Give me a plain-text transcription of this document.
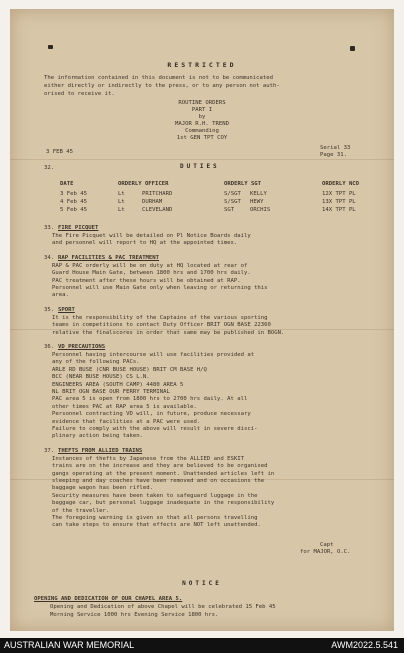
RESTRICTED
The information contained in this document is not to be communicated
either directly or indirectly to the press, or to any person not auth-
orised to receive it.
ROUTINE ORDERS
PART I
by
MAJOR R.H. TREND
Commanding
1st GEN TPT COY
3 FEB 45
Serial 33
Page 31.
32.	DUTIES
DATE	ORDERLY OFFICER	ORDERLY SGT	ORDERLY NCO
3 Feb 45	Lt	PRITCHARD	S/SGT KELLY	12X TPT PL
4 Feb 45	Lt	DURHAM	S/SGT HEWY	13X TPT PL
5 Feb 45	Lt	CLEVELAND	SGT	ORCHIS	14X TPT PL
33. FIRE PICQUET
The Fire Picquet will be detailed on Pl Notice Boards daily
and personnel will report to HQ at the appointed times.
34. RAP FACILITIES & PAC TREATMENT
RAP & PAC orderly will be on duty at HQ located at rear of
Guard House Main Gate, between 1800 hrs and 1700 hrs daily.
PAC treatment after these hours will be obtained at RAP.
Personnel will use Main Gate only when leaving or returning this
area.
35. SPORT
It is the responsibility of the Captains of the various sporting
teams in competitions to contact Duty Officer BRIT OGN BASE 22360
relative the finalscores in order that same may be published in BOGN.
36. VD PRECAUTIONS
Personnel having intercourse will use facilities provided at
any of the following PACs.
ARLE RD BUSE (CNR BUSE HOUSE) BRIT CM BASE H/Q
BCC (NEAR BUSE HOUSE) CS L.N.
ENGINEERS AREA (SOUTH CAMP) 4480 AREA 5
NL BRIT OGN BASE OUR FERRY TERMINAL
PAC area 5 is open from 1800 hrs to 2700 hrs daily. At all
other times PAC at RAP area 5 is available.
Personnel contracting VD will, in future, produce necessary
evidence that facilities at a PAC were used.
Failure to comply with the above will result in severe disci-
plinary action being taken.
37. THEFTS FROM ALLIED TRAINS
Instances of thefts by Japanese from the ALLIED and ESKIT
trains are on the increase and they are believed to be organised
gangs operating at the present moment. Unattended articles left in
sleeping and day coaches have been removed and on occasions the
baggage wagon has been rifled.
Security measures have been taken to safeguard luggage in the
baggage car, but personal luggage inadequate in the responsibility
of the traveller.
The foregoing warning is given so that all persons travelling
can take steps to ensure that effects are NOT left unattended.
Capt
for MAJOR, O.C.
NOTICE
OPENING AND DEDICATION OF OUR CHAPEL AREA 5.
Opening and Dedication of above Chapel will be celebrated 15 Feb 45
Morning Service 1000 hrs Evening Service 1800 hrs.
AUSTRALIAN WAR MEMORIAL	AWM2022.5.541
